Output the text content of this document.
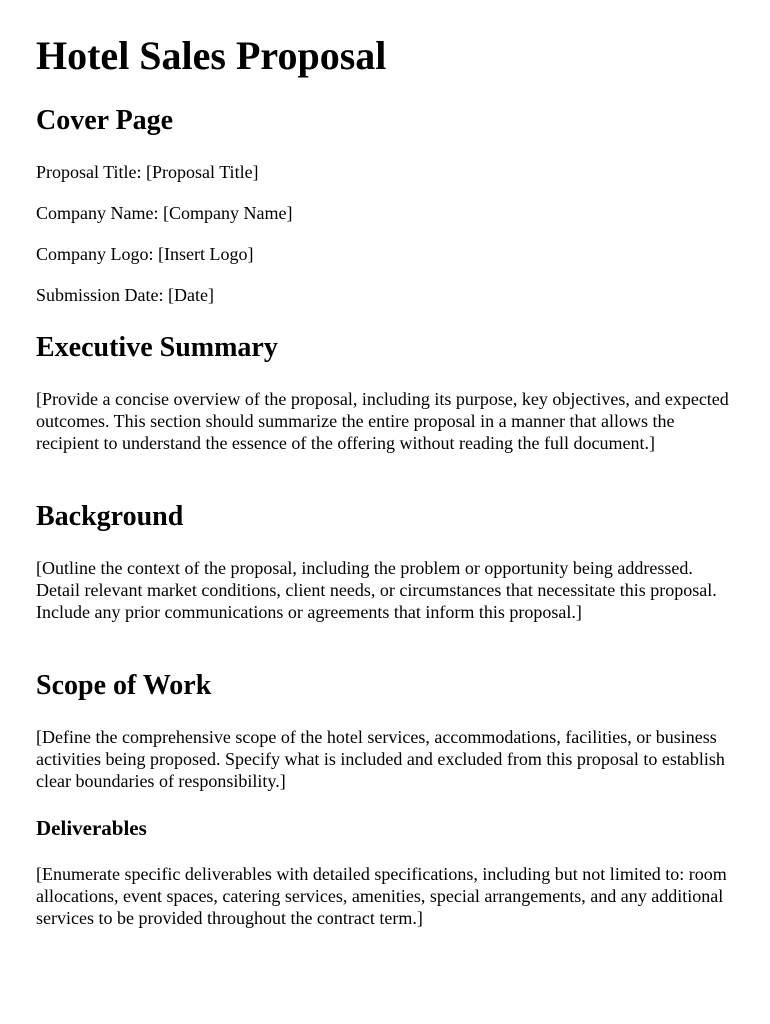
Hotel Sales Proposal
Cover Page
Proposal Title: [Proposal Title]
Company Name: [Company Name]
Company Logo: [Insert Logo]
Submission Date: [Date]
Executive Summary

[Provide a concise overview of the proposal, including its purpose, key objectives, and expected outcomes. This section should summarize the entire proposal in a manner that allows the recipient to understand the essence of the offering without reading the full document.]

Background

[Outline the context of the proposal, including the problem or opportunity being addressed. Detail relevant market conditions, client needs, or circumstances that necessitate this proposal. Include any prior communications or agreements that inform this proposal.]

Scope of Work

[Define the comprehensive scope of the hotel services, accommodations, facilities, or business activities being proposed. Specify what is included and excluded from this proposal to establish clear boundaries of responsibility.]

Deliverables

[Enumerate specific deliverables with detailed specifications, including but not limited to: room allocations, event spaces, catering services, amenities, special arrangements, and any additional services to be provided throughout the contract term.]
